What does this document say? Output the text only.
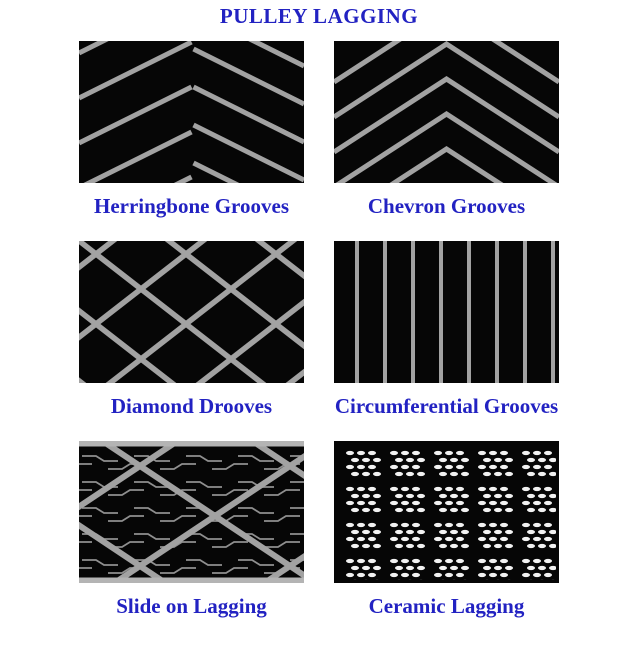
PULLEY LAGGING
Herringbone Grooves	Chevron Grooves
Diamond Drooves	Circumferential Grooves
Slide on Lagging	Ceramic Lagging
